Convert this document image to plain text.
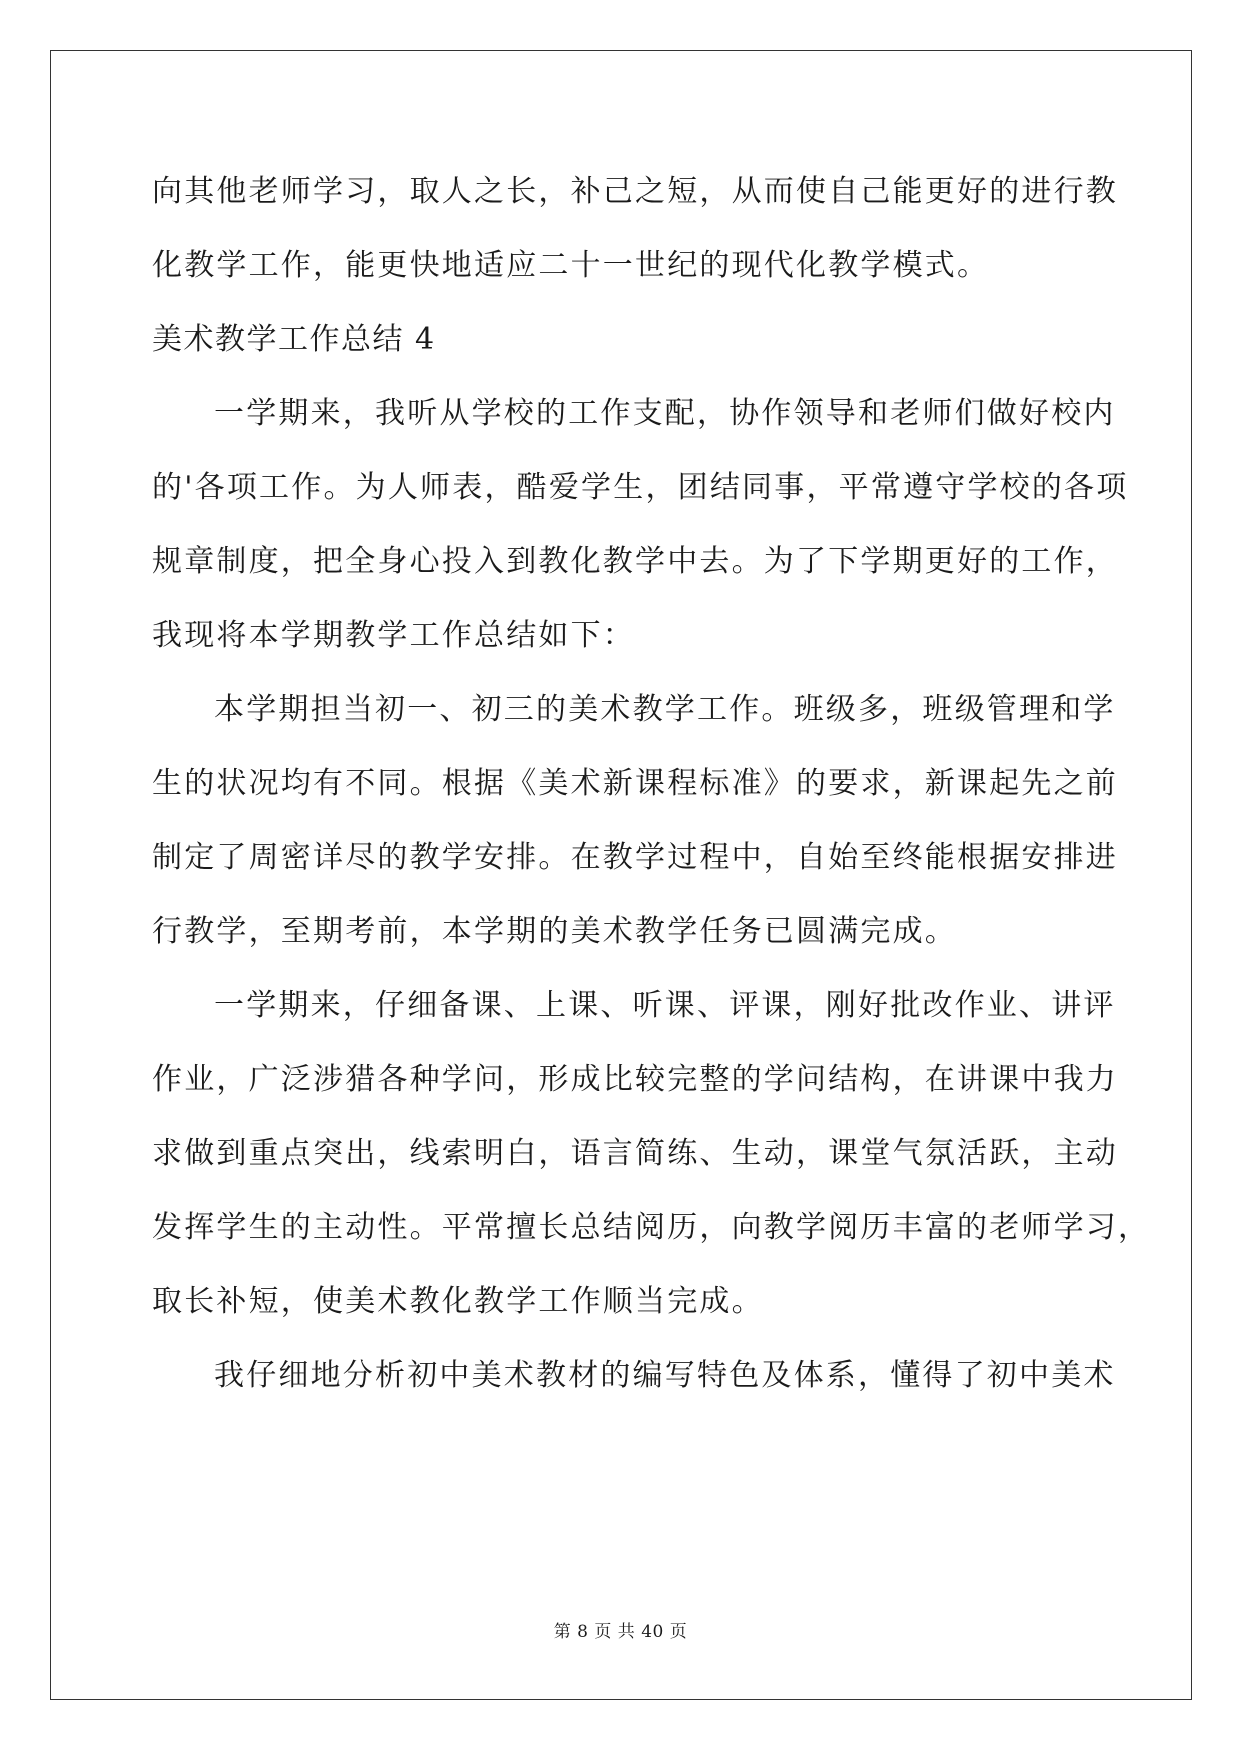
向其他老师学习，取人之长，补己之短，从而使自己能更好的进行教
化教学工作，能更快地适应二十一世纪的现代化教学模式。
美术教学工作总结 4
一学期来，我听从学校的工作支配，协作领导和老师们做好校内
的'各项工作。为人师表，酷爱学生，团结同事，平常遵守学校的各项
规章制度，把全身心投入到教化教学中去。为了下学期更好的工作，
我现将本学期教学工作总结如下：
本学期担当初一、初三的美术教学工作。班级多，班级管理和学
生的状况均有不同。根据《美术新课程标准》的要求，新课起先之前
制定了周密详尽的教学安排。在教学过程中，自始至终能根据安排进
行教学，至期考前，本学期的美术教学任务已圆满完成。
一学期来，仔细备课、上课、听课、评课，刚好批改作业、讲评
作业，广泛涉猎各种学问，形成比较完整的学问结构，在讲课中我力
求做到重点突出，线索明白，语言简练、生动，课堂气氛活跃，主动
发挥学生的主动性。平常擅长总结阅历，向教学阅历丰富的老师学习，
取长补短，使美术教化教学工作顺当完成。
我仔细地分析初中美术教材的编写特色及体系，懂得了初中美术
第 8 页 共 40 页
